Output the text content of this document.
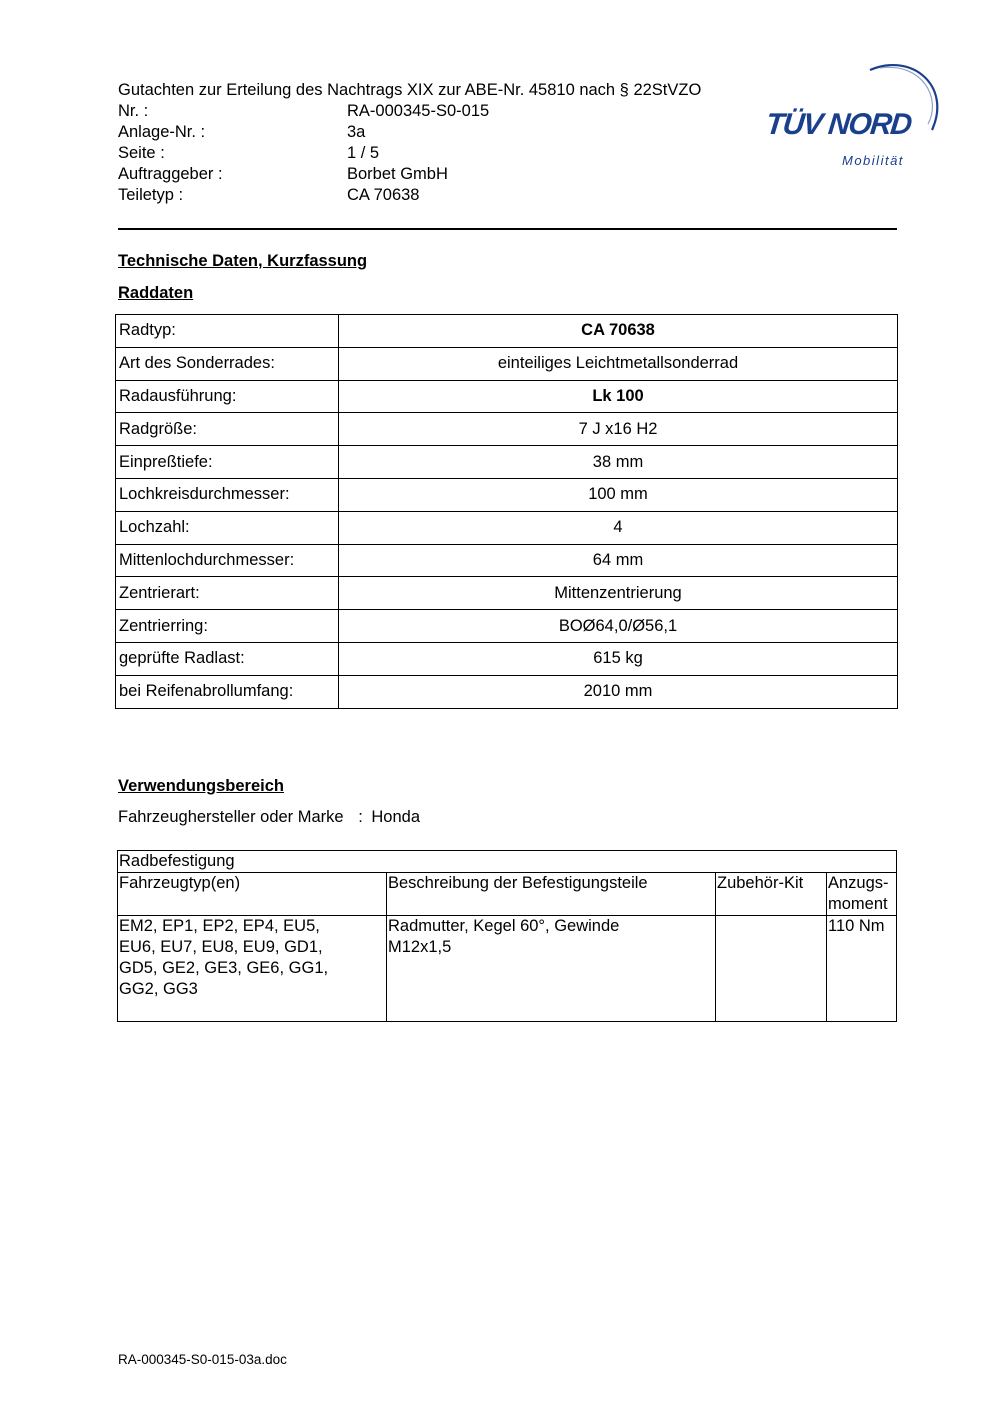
Gutachten zur Erteilung des Nachtrags XIX zur ABE-Nr. 45810 nach § 22StVZO
Nr. :	RA-000345-S0-015
Anlage-Nr. :	3a
Seite :	1 / 5
Auftraggeber :	Borbet GmbH
Teiletyp :	CA 70638
TÜV NORD
Mobilität
Technische Daten, Kurzfassung
Raddaten
Radtyp:	CA 70638
Art des Sonderrades:	einteiliges Leichtmetallsonderrad
Radausführung:	Lk 100
Radgröße:	7 J x16 H2
Einpreßtiefe:	38 mm
Lochkreisdurchmesser:	100 mm
Lochzahl:	4
Mittenlochdurchmesser:	64 mm
Zentrierart:	Mittenzentrierung
Zentrierring:	BOØ64,0/Ø56,1
geprüfte Radlast:	615 kg
bei Reifenabrollumfang:	2010 mm
Verwendungsbereich
Fahrzeughersteller oder Marke : Honda
Radbefestigung			
Fahrzeugtyp(en)	Beschreibung der Befestigungsteile	Zubehör-Kit	Anzugs-
moment

EM2, EP1, EP2, EP4, EU5, EU6, EU7, EU8, EU9, GD1, GD5, GE2, GE3, GE6, GG1, GG2, GG3	Radmutter, Kegel 60°, Gewinde M12x1,5		110 Nm
RA-000345-S0-015-03a.doc
